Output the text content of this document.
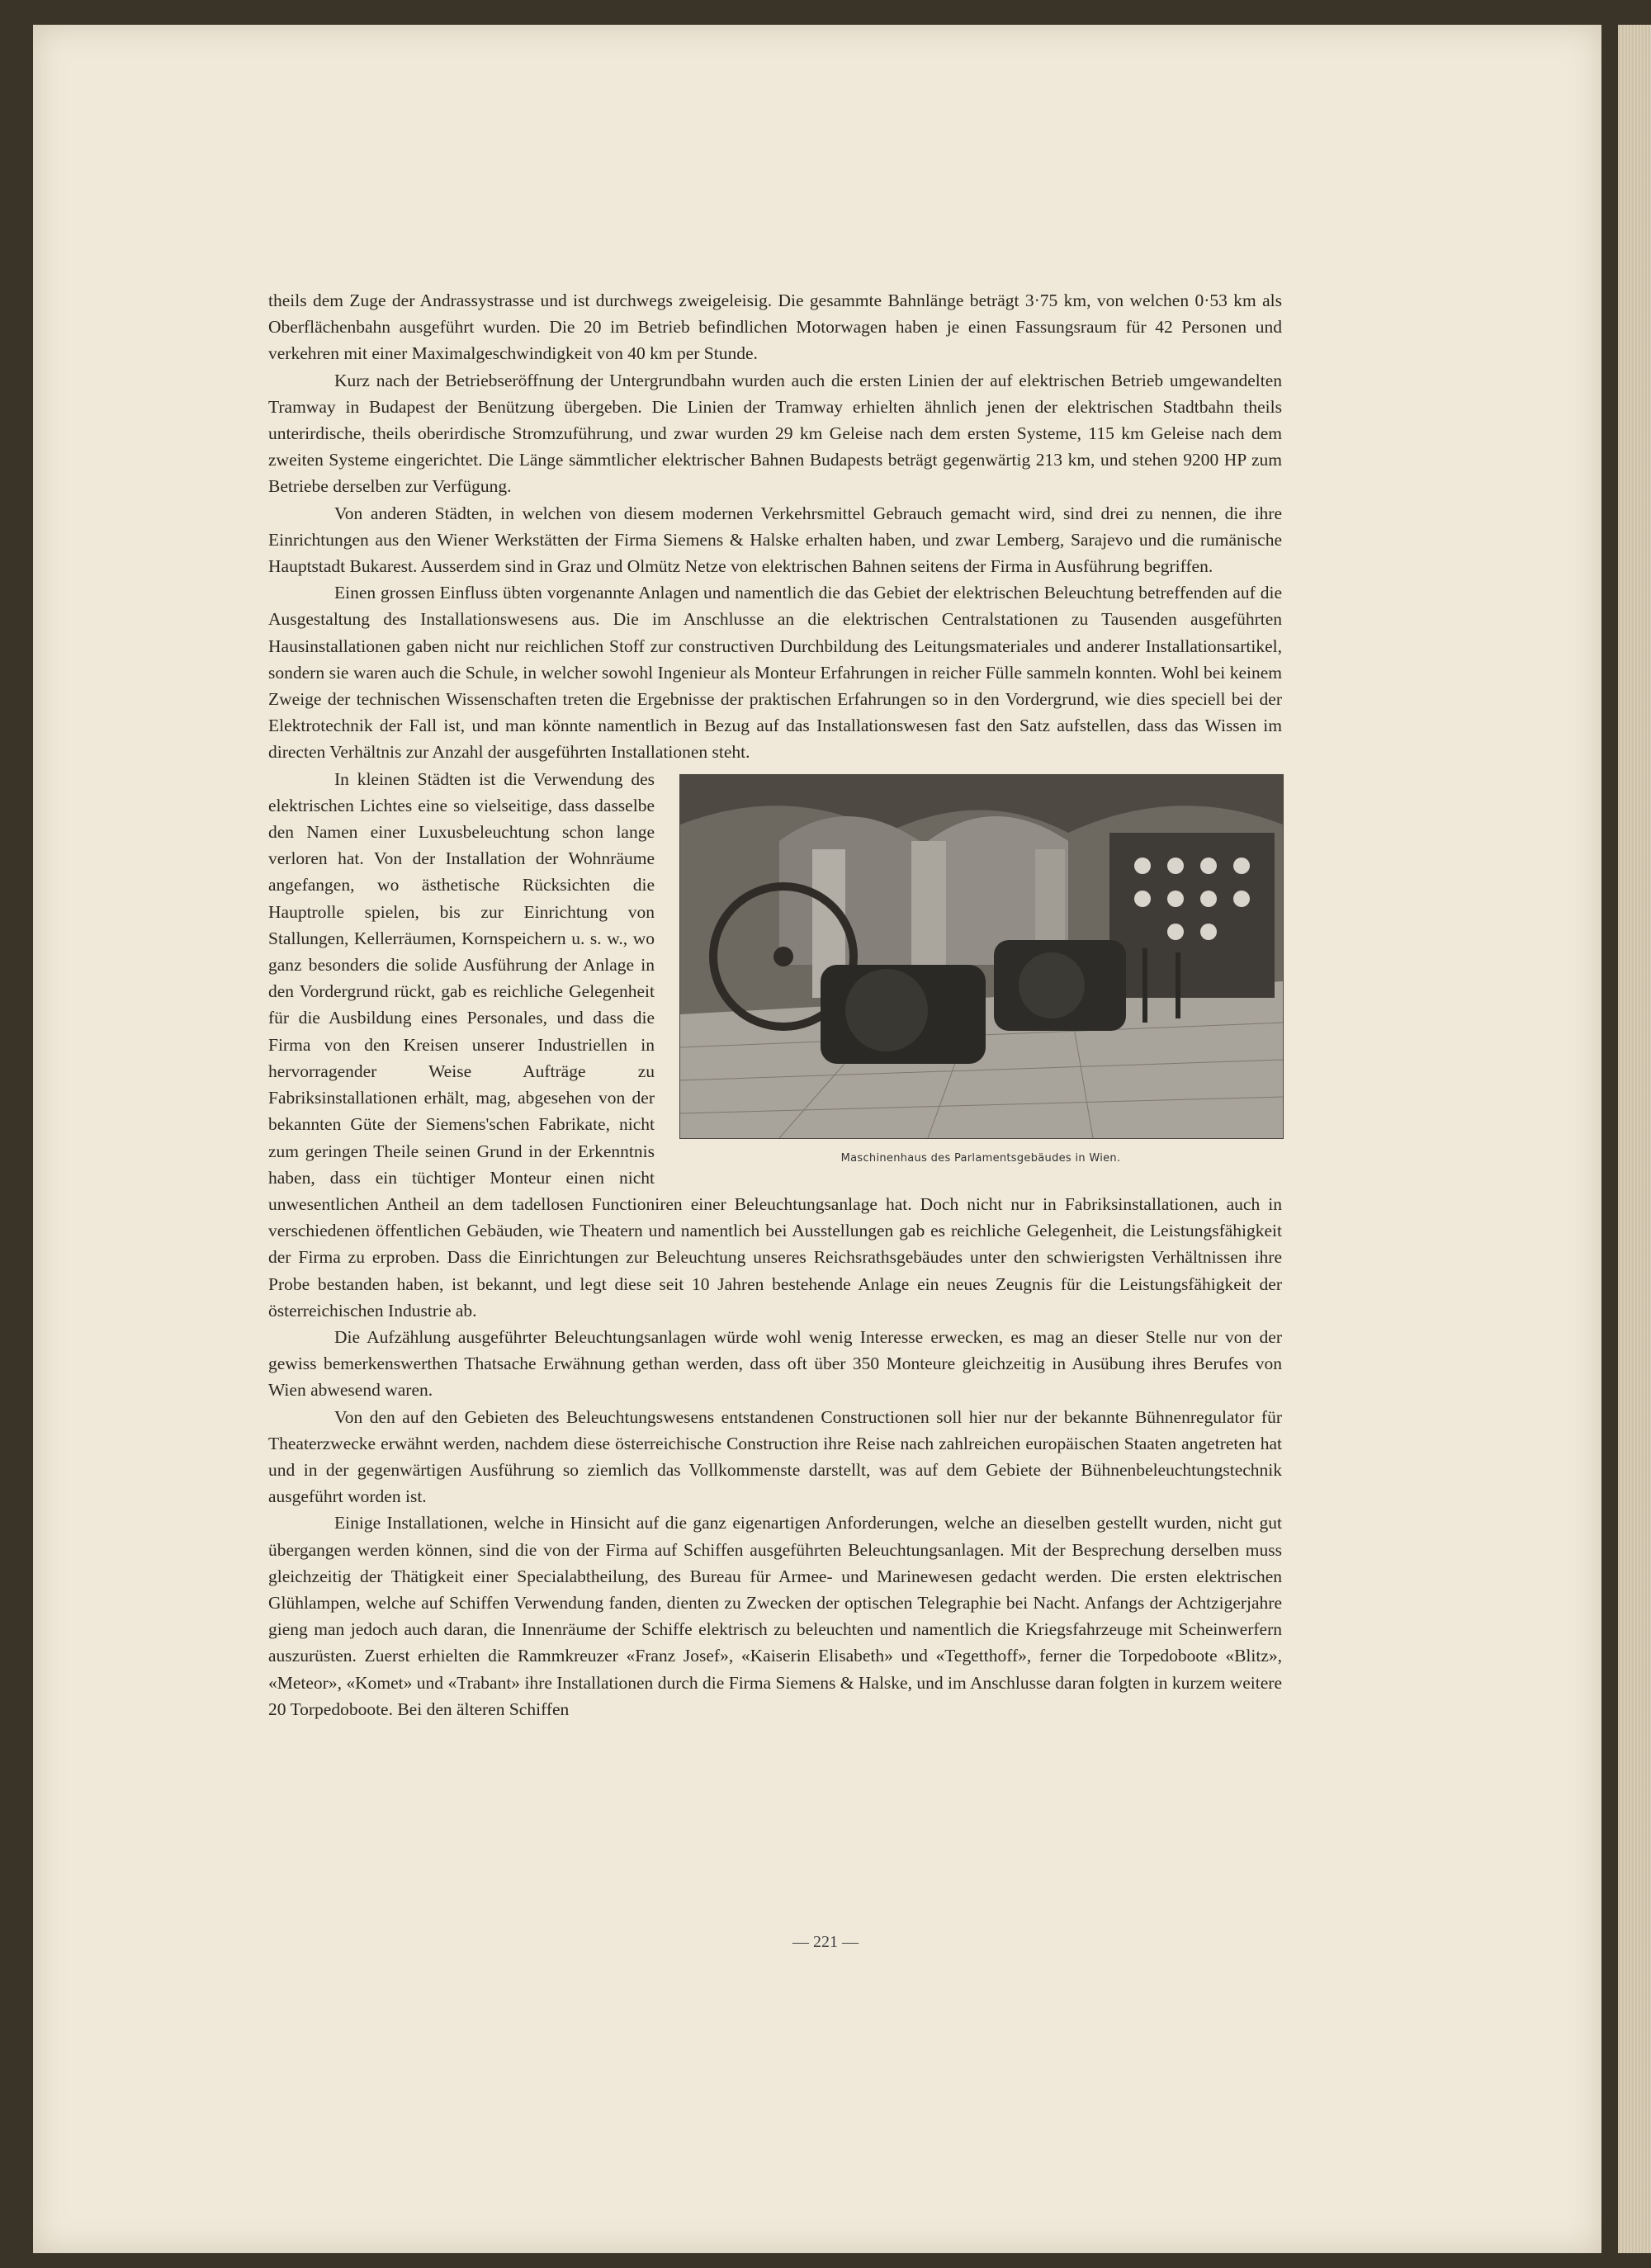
theils dem Zuge der Andrassystrasse und ist durchwegs zweigeleisig. Die gesammte Bahnlänge beträgt 3·75 km, von welchen 0·53 km als Oberflächenbahn ausgeführt wurden. Die 20 im Betrieb befindlichen Motorwagen haben je einen Fassungsraum für 42 Personen und verkehren mit einer Maximalgeschwindigkeit von 40 km per Stunde.

Kurz nach der Betriebseröffnung der Untergrundbahn wurden auch die ersten Linien der auf elektrischen Betrieb umgewandelten Tramway in Budapest der Benützung übergeben. Die Linien der Tramway erhielten ähnlich jenen der elektrischen Stadtbahn theils unterirdische, theils oberirdische Stromzuführung, und zwar wurden 29 km Geleise nach dem ersten Systeme, 115 km Geleise nach dem zweiten Systeme eingerichtet. Die Länge sämmtlicher elektrischer Bahnen Budapests beträgt gegenwärtig 213 km, und stehen 9200 HP zum Betriebe derselben zur Verfügung.

Von anderen Städten, in welchen von diesem modernen Verkehrsmittel Gebrauch gemacht wird, sind drei zu nennen, die ihre Einrichtungen aus den Wiener Werkstätten der Firma Siemens & Halske erhalten haben, und zwar Lemberg, Sarajevo und die rumänische Hauptstadt Bukarest. Ausserdem sind in Graz und Olmütz Netze von elektrischen Bahnen seitens der Firma in Ausführung begriffen.

Einen grossen Einfluss übten vorgenannte Anlagen und namentlich die das Gebiet der elektrischen Beleuchtung betreffenden auf die Ausgestaltung des Installationswesens aus. Die im Anschlusse an die elektrischen Centralstationen zu Tausenden ausgeführten Hausinstallationen gaben nicht nur reichlichen Stoff zur constructiven Durchbildung des Leitungsmateriales und anderer Installationsartikel, sondern sie waren auch die Schule, in welcher sowohl Ingenieur als Monteur Erfahrungen in reicher Fülle sammeln konnten. Wohl bei keinem Zweige der technischen Wissenschaften treten die Ergebnisse der praktischen Erfahrungen so in den Vordergrund, wie dies speciell bei der Elektrotechnik der Fall ist, und man könnte namentlich in Bezug auf das Installationswesen fast den Satz aufstellen, dass das Wissen im directen Verhältnis zur Anzahl der ausgeführten Installationen steht.

Maschinenhaus des Parlamentsgebäudes in Wien.

In kleinen Städten ist die Verwendung des elektrischen Lichtes eine so vielseitige, dass dasselbe den Namen einer Luxusbeleuchtung schon lange verloren hat. Von der Installation der Wohnräume angefangen, wo ästhetische Rücksichten die Hauptrolle spielen, bis zur Einrichtung von Stallungen, Kellerräumen, Kornspeichern u. s. w., wo ganz besonders die solide Ausführung der Anlage in den Vordergrund rückt, gab es reichliche Gelegenheit für die Ausbildung eines Personales, und dass die Firma von den Kreisen unserer Industriellen in hervorragender Weise Aufträge zu Fabriksinstallationen erhält, mag, abgesehen von der bekannten Güte der Siemens'schen Fabrikate, nicht zum geringen Theile seinen Grund in der Erkenntnis haben, dass ein tüchtiger Monteur einen nicht unwesentlichen Antheil an dem tadellosen Functioniren einer Beleuchtungsanlage hat. Doch nicht nur in Fabriksinstallationen, auch in verschiedenen öffentlichen Gebäuden, wie Theatern und namentlich bei Ausstellungen gab es reichliche Gelegenheit, die Leistungsfähigkeit der Firma zu erproben. Dass die Einrichtungen zur Beleuchtung unseres Reichsrathsgebäudes unter den schwierigsten Verhältnissen ihre Probe bestanden haben, ist bekannt, und legt diese seit 10 Jahren bestehende Anlage ein neues Zeugnis für die Leistungsfähigkeit der österreichischen Industrie ab.

Die Aufzählung ausgeführter Beleuchtungsanlagen würde wohl wenig Interesse erwecken, es mag an dieser Stelle nur von der gewiss bemerkenswerthen Thatsache Erwähnung gethan werden, dass oft über 350 Monteure gleichzeitig in Ausübung ihres Berufes von Wien abwesend waren.

Von den auf den Gebieten des Beleuchtungswesens entstandenen Constructionen soll hier nur der bekannte Bühnenregulator für Theaterzwecke erwähnt werden, nachdem diese österreichische Construction ihre Reise nach zahlreichen europäischen Staaten angetreten hat und in der gegenwärtigen Ausführung so ziemlich das Vollkommenste darstellt, was auf dem Gebiete der Bühnenbeleuchtungstechnik ausgeführt worden ist.

Einige Installationen, welche in Hinsicht auf die ganz eigenartigen Anforderungen, welche an dieselben gestellt wurden, nicht gut übergangen werden können, sind die von der Firma auf Schiffen ausgeführten Beleuchtungsanlagen. Mit der Besprechung derselben muss gleichzeitig der Thätigkeit einer Specialabtheilung, des Bureau für Armee- und Marinewesen gedacht werden. Die ersten elektrischen Glühlampen, welche auf Schiffen Verwendung fanden, dienten zu Zwecken der optischen Telegraphie bei Nacht. Anfangs der Achtzigerjahre gieng man jedoch auch daran, die Innenräume der Schiffe elektrisch zu beleuchten und namentlich die Kriegsfahrzeuge mit Scheinwerfern auszurüsten. Zuerst erhielten die Rammkreuzer «Franz Josef», «Kaiserin Elisabeth» und «Tegetthoff», ferner die Torpedoboote «Blitz», «Meteor», «Komet» und «Trabant» ihre Installationen durch die Firma Siemens & Halske, und im Anschlusse daran folgten in kurzem weitere 20 Torpedoboote. Bei den älteren Schiffen

— 221 —
